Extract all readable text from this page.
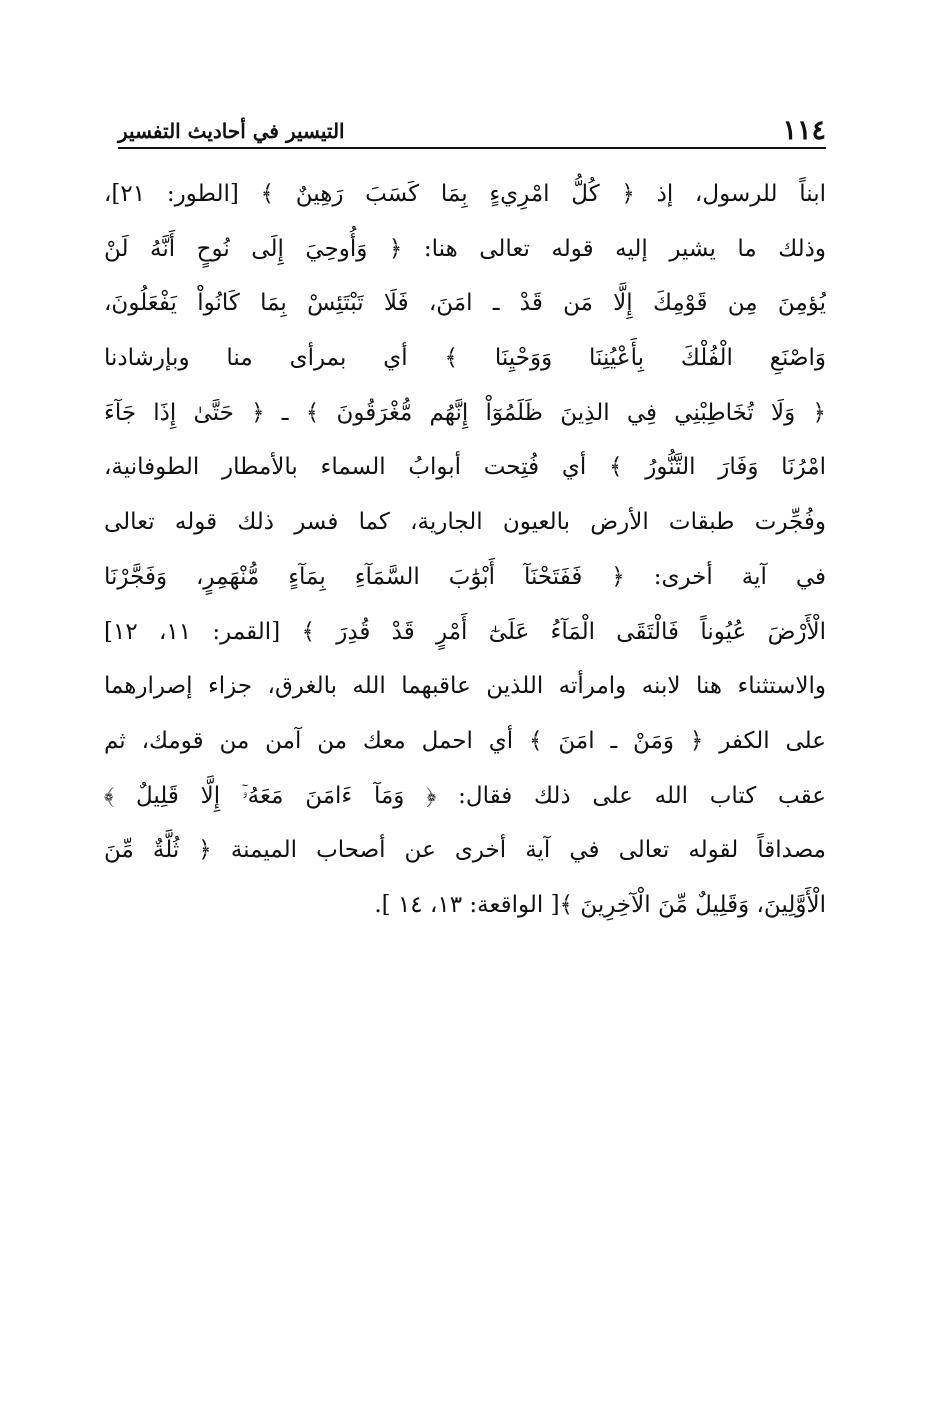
١١٤
التيسير في أحاديث التفسير
ابناً للرسول، إذ ﴿ كُلُّ امْرِيءٍ بِمَا كَسَبَ رَهِينٌ ﴾ [الطور: ٢١]،
وذلك ما يشير إليه قوله تعالى هنا: ﴿ وَأُوحِيَ إِلَى نُوحٍ أَنَّهُ لَنْ
يُؤمِنَ مِن قَوْمِكَ إِلَّا مَن قَدْ ـ امَنَ، فَلَا تَبْتَئِسْ بِمَا كَانُواْ يَفْعَلُونَ،
وَاصْنَعِ الْفُلْكَ بِأَعْيُنِنَا وَوَحْيِنَا ﴾ أي بمرأى منا وبإرشادنا
﴿ وَلَا تُخَاطِبْنِي فِي الذِينَ ظَلَمُوٓاْ إِنَّهُم مُّغْرَقُونَ ﴾ ـ ﴿ حَتَّىٰ إِذَا جَآءَ
امْرُنَا وَفَارَ التَّنُّورُ ﴾ أي فُتِحت أبوابُ السماء بالأمطار الطوفانية،
وفُجِّرت طبقات الأرض بالعيون الجارية، كما فسر ذلك قوله تعالى
في آية أخرى: ﴿ فَفَتَحْنَآ أَبْوَٰبَ السَّمَآءِ بِمَآءٍ مُّنْهَمِرٍ، وَفَجَّرْنَا
الْأَرْضَ عُيُوناً فَالْتَقَى الْمَآءُ عَلَىٰٓ أَمْرٍ قَدْ قُدِرَ ﴾ [القمر: ١١، ١٢]
والاستثناء هنا لابنه وامرأته اللذين عاقبهما الله بالغرق، جزاء إصرارهما
على الكفر ﴿ وَمَنْ ـ امَنَ ﴾ أي احمل معك من آمن من قومك، ثم
عقب كتاب الله على ذلك فقال: ﴿ وَمَآ ءَامَنَ مَعَهُۥٓ إِلَّا قَلِيلٌ ﴾
مصداقاً لقوله تعالى في آية أخرى عن أصحاب الميمنة ﴿ ثُلَّةٌ مِّنَ
الْأَوَّلِينَ، وَقَلِيلٌ مِّنَ الْآخِرِينَ ﴾[ الواقعة: ١٣، ١٤ ].
